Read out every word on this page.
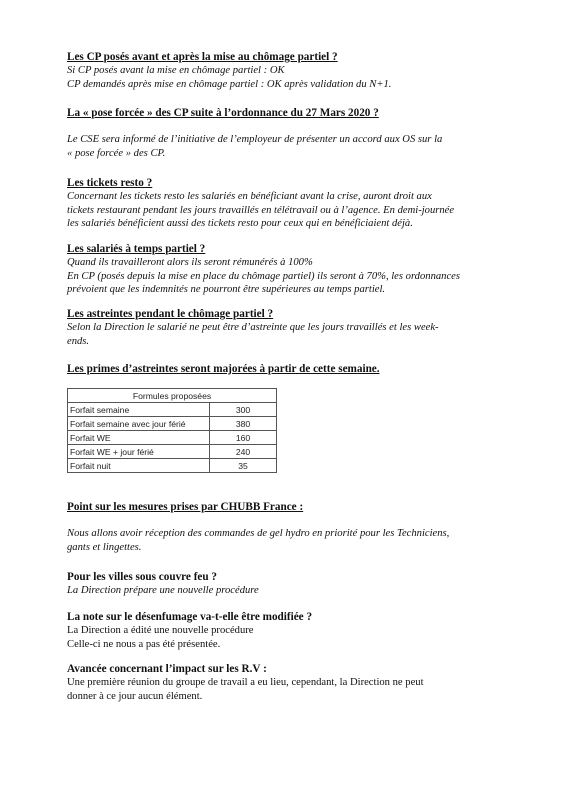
Les CP posés avant et après la mise au chômage partiel ?
Si CP posés avant la mise en chômage partiel : OK
CP demandés après mise en chômage partiel : OK après validation du N+1.
La « pose forcée » des CP suite à l’ordonnance du 27 Mars 2020 ?
Le CSE sera informé de l’initiative de l’employeur de présenter un accord aux OS sur la
« pose forcée » des CP.
Les tickets resto ?
Concernant les tickets resto les salariés en bénéficiant avant la crise, auront droit aux
tickets restaurant pendant les jours travaillés en télétravail ou à l’agence. En demi-journée
les salariés bénéficient aussi des tickets resto pour ceux qui en bénéficiaient déjà.
Les salariés à temps partiel ?
Quand ils travailleront alors ils seront rémunérés à 100%
En CP (posés depuis la mise en place du chômage partiel) ils seront à 70%, les ordonnances
prévoient que les indemnités ne pourront être supérieures au temps partiel.
Les astreintes pendant le chômage partiel ?
Selon la Direction le salarié ne peut être d’astreinte que les jours travaillés et les week-
ends.
Les primes d’astreintes seront majorées à partir de cette semaine.
Formules proposées	
Forfait semaine	300
Forfait semaine avec jour férié	380
Forfait WE	160
Forfait WE + jour férié	240
Forfait nuit	35
Point sur les mesures prises par CHUBB France :
Nous allons avoir réception des commandes de gel hydro en priorité pour les Techniciens,
gants et lingettes.
Pour les villes sous couvre feu ?
La Direction prépare une nouvelle procédure
La note sur le désenfumage va-t-elle être modifiée ?
La Direction a édité une nouvelle procédure
Celle-ci ne nous a pas été présentée.
Avancée concernant l’impact sur les R.V :
Une première réunion du groupe de travail a eu lieu, cependant, la Direction ne peut
donner à ce jour aucun élément.
